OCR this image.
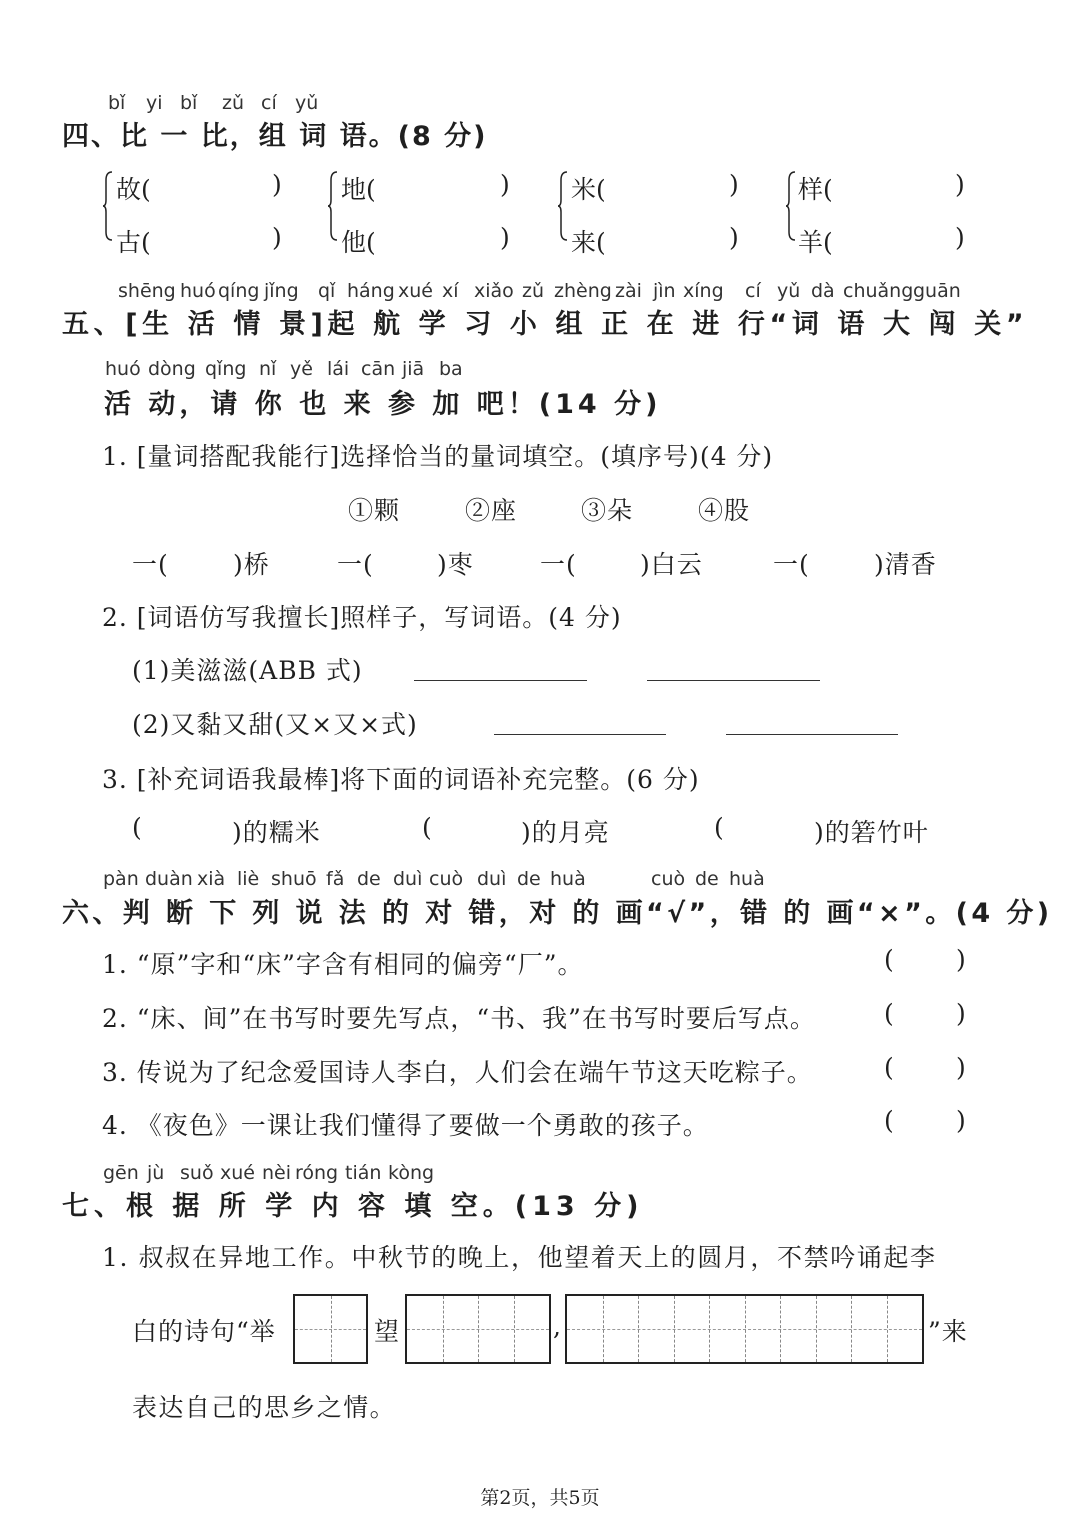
bǐ yi bǐ zǔ cí yǔ
四、比 一 比，组 词 语。(8 分)
故(	)
古(	)
地(	)
他(	)
米(	)
来(	)
样(	)
羊(	)
shēng huó qíng jǐng qǐ háng xué xí xiǎo zǔ zhèng zài jìn xíng cí yǔ dà chuǎng guān
五、[生 活 情 景]起 航 学 习 小 组 正 在 进 行“词 语 大 闯 关”
huó dòng qǐng nǐ yě lái cān jiā ba
活 动，请 你 也 来 参 加 吧！(14 分)
1. [量词搭配我能行]选择恰当的量词填空。(填序号)(4 分)
①颗	②座	③朵	④股
一(	)桥	一(	)枣	一(	)白云	一(	)清香
2. [词语仿写我擅长]照样子，写词语。(4 分)
(1)美滋滋(ABB 式)
(2)又黏又甜(又×又×式)
3. [补充词语我最棒]将下面的词语补充完整。(6 分)
(	)的糯米	(	)的月亮	(	)的箬竹叶
pàn duàn xià liè shuō fǎ de duì cuò duì de huà	cuò de huà
六、判 断 下 列 说 法 的 对 错，对 的 画“√”，错 的 画“×”。(4 分)
1. “原”字和“床”字含有相同的偏旁“厂”。	( )
2. “床、间”在书写时要先写点，“书、我”在书写时要后写点。	( )
3. 传说为了纪念爱国诗人李白，人们会在端午节这天吃粽子。	( )
4. 《夜色》一课让我们懂得了要做一个勇敢的孩子。	( )
gēn jù suǒ xué nèi róng tián kòng
七、根 据 所 学 内 容 填 空。(13 分)
1. 叔叔在异地工作。中秋节的晚上，他望着天上的圆月，不禁吟诵起李
白的诗句“举	望	,	”来
表达自己的思乡之情。
第2页，共5页
